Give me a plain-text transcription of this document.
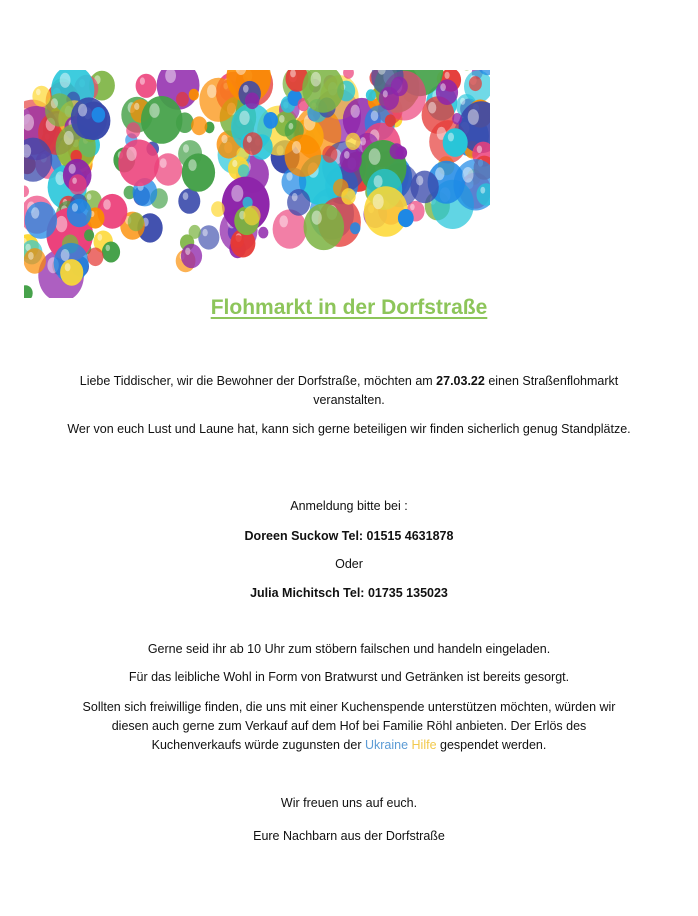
Flohmarkt in der Dorfstraße
Liebe Tiddischer, wir die Bewohner der Dorfstraße, möchten am 27.03.22 einen Straßenflohmarkt veranstalten.
Wer von euch Lust und Laune hat, kann sich gerne beteiligen wir finden sicherlich genug Standplätze.
Anmeldung bitte bei :
Doreen Suckow Tel: 01515 4631878
Oder
Julia Michitsch Tel: 01735 135023
Gerne seid ihr ab 10 Uhr zum stöbern failschen und handeln eingeladen.
Für das leibliche Wohl in Form von Bratwurst und Getränken ist bereits gesorgt.
Sollten sich freiwillige finden, die uns mit einer Kuchenspende unterstützen möchten, würden wir diesen auch gerne zum Verkauf auf dem Hof bei Familie Röhl anbieten. Der Erlös des Kuchenverkaufs würde zugunsten der Ukraine Hilfe gespendet werden.
Wir freuen uns auf euch.
Eure Nachbarn aus der Dorfstraße
